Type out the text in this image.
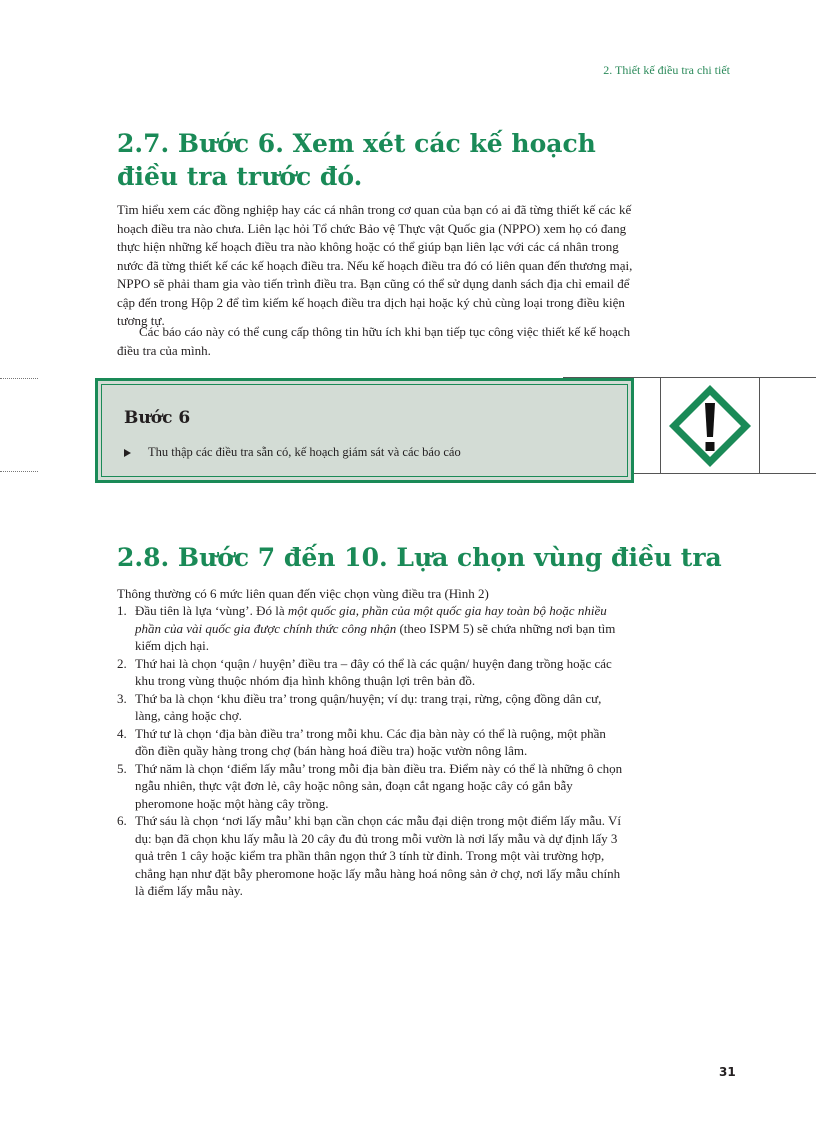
2. Thiết kế điều tra chi tiết
2.7. Bước 6. Xem xét các kế hoạch điều tra trước đó.

Tìm hiểu xem các đồng nghiệp hay các cá nhân trong cơ quan của bạn có ai đã từng thiết kế các kế hoạch điều tra nào chưa. Liên lạc hỏi Tổ chức Bảo vệ Thực vật Quốc gia (NPPO) xem họ có đang thực hiện những kế hoạch điều tra nào không hoặc có thể giúp bạn liên lạc với các cá nhân trong nước đã từng thiết kế các kế hoạch điều tra. Nếu kế hoạch điều tra đó có liên quan đến thương mại, NPPO sẽ phải tham gia vào tiến trình điều tra. Bạn cũng có thể sử dụng danh sách địa chỉ email để cập đến trong Hộp 2 để tìm kiếm kế hoạch điều tra dịch hại hoặc ký chủ cùng loại trong điều kiện tương tự.

Các báo cáo này có thể cung cấp thông tin hữu ích khi bạn tiếp tục công việc thiết kế kế hoạch điều tra của mình.

Bước 6
Thu thập các điều tra sẵn có, kế hoạch giám sát và các báo cáo
2.8. Bước 7 đến 10. Lựa chọn vùng điều tra
Thông thường có 6 mức liên quan đến việc chọn vùng điều tra (Hình 2)
1. Đầu tiên là lựa ‘vùng’. Đó là một quốc gia, phần của một quốc gia hay toàn bộ hoặc nhiều phần của vài quốc gia được chính thức công nhận (theo ISPM 5) sẽ chứa những nơi bạn tìm kiếm dịch hại.
2. Thứ hai là chọn ‘quận / huyện’ điều tra – đây có thể là các quận/ huyện đang trồng hoặc các khu trong vùng thuộc nhóm địa hình không thuận lợi trên bản đồ.
3. Thứ ba là chọn ‘khu điều tra’ trong quận/huyện; ví dụ: trang trại, rừng, cộng đồng dân cư, làng, cảng hoặc chợ.
4. Thứ tư là chọn ‘địa bàn điều tra’ trong mỗi khu. Các địa bàn này có thể là ruộng, một phần đồn điền quầy hàng trong chợ (bán hàng hoá điều tra) hoặc vườn nông lâm.
5. Thứ năm là chọn ‘điểm lấy mẫu’ trong mỗi địa bàn điều tra. Điểm này có thể là những ô chọn ngẫu nhiên, thực vật đơn lẻ, cây hoặc nông sản, đoạn cắt ngang hoặc cây có gắn bẫy pheromone hoặc một hàng cây trồng.
6. Thứ sáu là chọn ‘nơi lấy mẫu’ khi bạn cần chọn các mẫu đại diện trong một điểm lấy mẫu. Ví dụ: bạn đã chọn khu lấy mẫu là 20 cây đu đủ trong mỗi vườn là nơi lấy mẫu và dự định lấy 3 quả trên 1 cây hoặc kiểm tra phần thân ngọn thứ 3 tính từ đỉnh. Trong một vài trường hợp, chẳng hạn như đặt bẫy pheromone hoặc lấy mẫu hàng hoá nông sản ở chợ, nơi lấy mẫu chính là điểm lấy mẫu này.
31
